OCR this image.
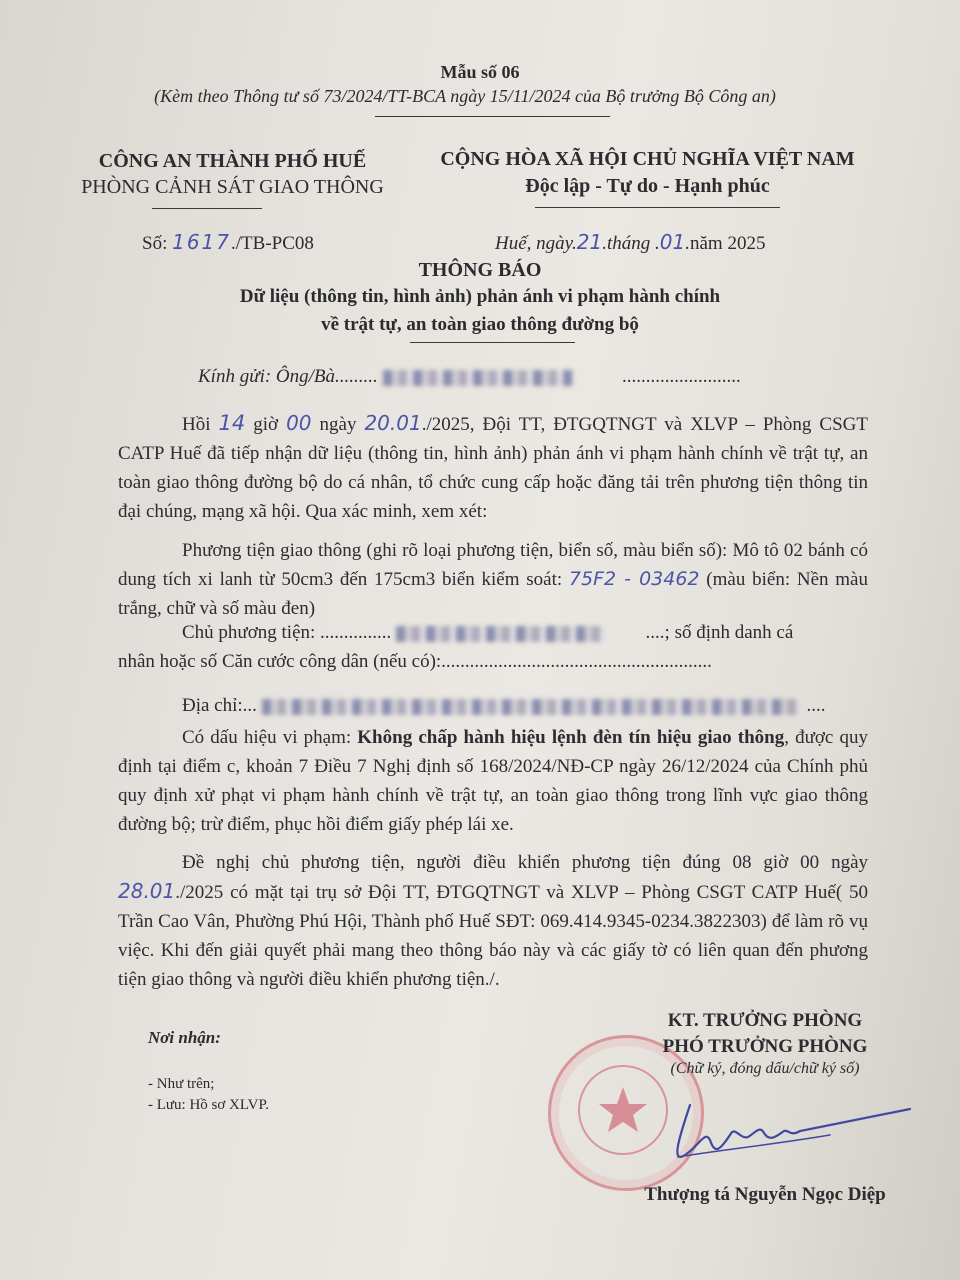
Mẫu số 06
(Kèm theo Thông tư số 73/2024/TT-BCA ngày 15/11/2024 của Bộ trưởng Bộ Công an)
CÔNG AN THÀNH PHỐ HUẾ
PHÒNG CẢNH SÁT GIAO THÔNG
CỘNG HÒA XÃ HỘI CHỦ NGHĨA VIỆT NAM
Độc lập - Tự do - Hạnh phúc
Số: 1617./TB-PC08	Huế, ngày.21.tháng .01.năm 2025
THÔNG BÁO
Dữ liệu (thông tin, hình ảnh) phản ánh vi phạm hành chính
về trật tự, an toàn giao thông đường bộ
Kính gửi: Ông/Bà.........	.........................
Hồi 14 giờ 00 ngày 20.01./2025, Đội TT, ĐTGQTNGT và XLVP – Phòng CSGT CATP Huế đã tiếp nhận dữ liệu (thông tin, hình ảnh) phản ánh vi phạm hành chính về trật tự, an toàn giao thông đường bộ do cá nhân, tổ chức cung cấp hoặc đăng tải trên phương tiện thông tin đại chúng, mạng xã hội. Qua xác minh, xem xét:
Phương tiện giao thông (ghi rõ loại phương tiện, biển số, màu biển số): Mô tô 02 bánh có dung tích xi lanh từ 50cm3 đến 175cm3 biển kiểm soát: 75F2 - 03462 (màu biển: Nền màu trắng, chữ và số màu đen)
Chủ phương tiện: ...............	....; số định danh cá
nhân hoặc số Căn cước công dân (nếu có):.........................................................
Địa chỉ:...	....
Có dấu hiệu vi phạm: Không chấp hành hiệu lệnh đèn tín hiệu giao thông, được quy định tại điểm c, khoản 7 Điều 7 Nghị định số 168/2024/NĐ-CP ngày 26/12/2024 của Chính phủ quy định xử phạt vi phạm hành chính về trật tự, an toàn giao thông trong lĩnh vực giao thông đường bộ; trừ điểm, phục hồi điểm giấy phép lái xe.
Đề nghị chủ phương tiện, người điều khiển phương tiện đúng 08 giờ 00 ngày 28.01./2025 có mặt tại trụ sở Đội TT, ĐTGQTNGT và XLVP – Phòng CSGT CATP Huế( 50 Trần Cao Vân, Phường Phú Hội, Thành phố Huế SĐT: 069.414.9345-0234.3822303) để làm rõ vụ việc. Khi đến giải quyết phải mang theo thông báo này và các giấy tờ có liên quan đến phương tiện giao thông và người điều khiển phương tiện./.
Nơi nhận:
- Như trên;
- Lưu: Hồ sơ XLVP.
KT. TRƯỞNG PHÒNG
PHÓ TRƯỞNG PHÒNG
(Chữ ký, đóng dấu/chữ ký số)
Thượng tá Nguyễn Ngọc Diệp
